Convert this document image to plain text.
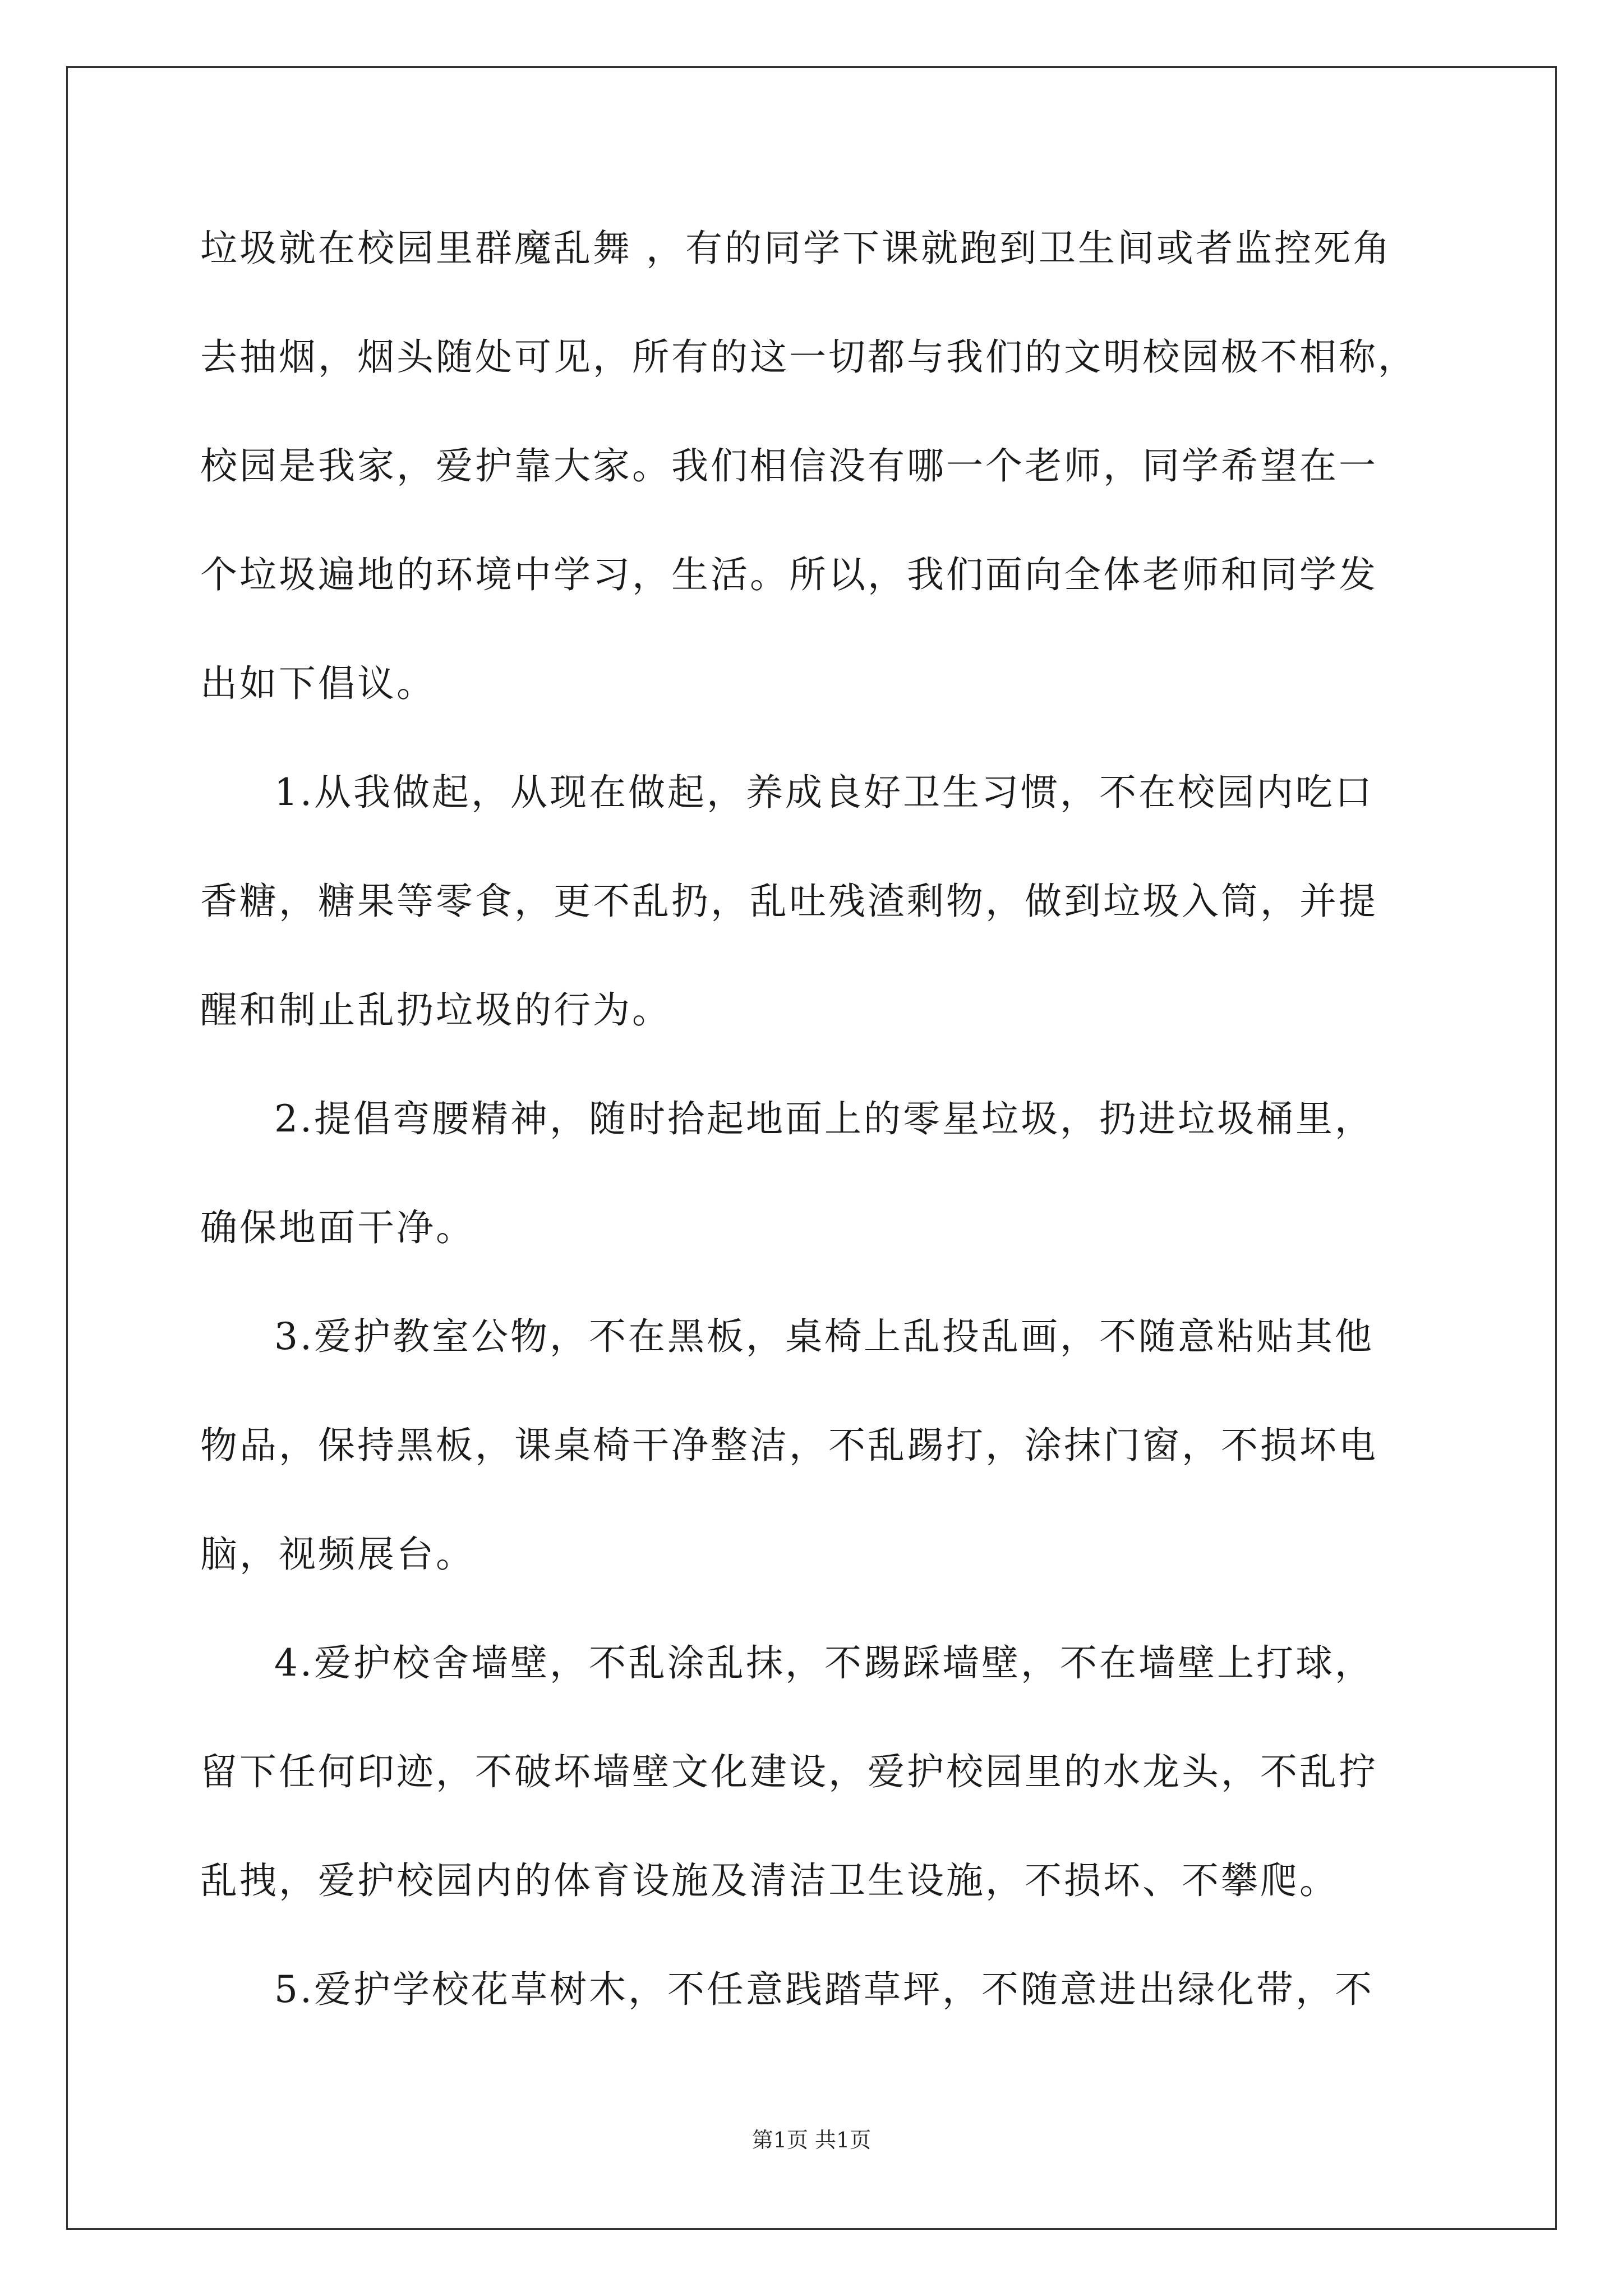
垃圾就在校园里群魔乱舞 ，有的同学下课就跑到卫生间或者监控死角
去抽烟，烟头随处可见，所有的这一切都与我们的文明校园极不相称，
校园是我家，爱护靠大家。我们相信没有哪一个老师，同学希望在一
个垃圾遍地的环境中学习，生活。所以，我们面向全体老师和同学发
出如下倡议。
1.从我做起，从现在做起，养成良好卫生习惯，不在校园内吃口
香糖，糖果等零食，更不乱扔，乱吐残渣剩物，做到垃圾入筒，并提
醒和制止乱扔垃圾的行为。
2.提倡弯腰精神，随时拾起地面上的零星垃圾，扔进垃圾桶里，
确保地面干净。
3.爱护教室公物，不在黑板，桌椅上乱投乱画，不随意粘贴其他
物品，保持黑板，课桌椅干净整洁，不乱踢打，涂抹门窗，不损坏电
脑，视频展台。
4.爱护校舍墙壁，不乱涂乱抹，不踢踩墙壁，不在墙壁上打球，
留下任何印迹，不破坏墙壁文化建设，爱护校园里的水龙头，不乱拧
乱拽，爱护校园内的体育设施及清洁卫生设施，不损坏、不攀爬。
5.爱护学校花草树木，不任意践踏草坪，不随意进出绿化带，不
第1页 共1页
